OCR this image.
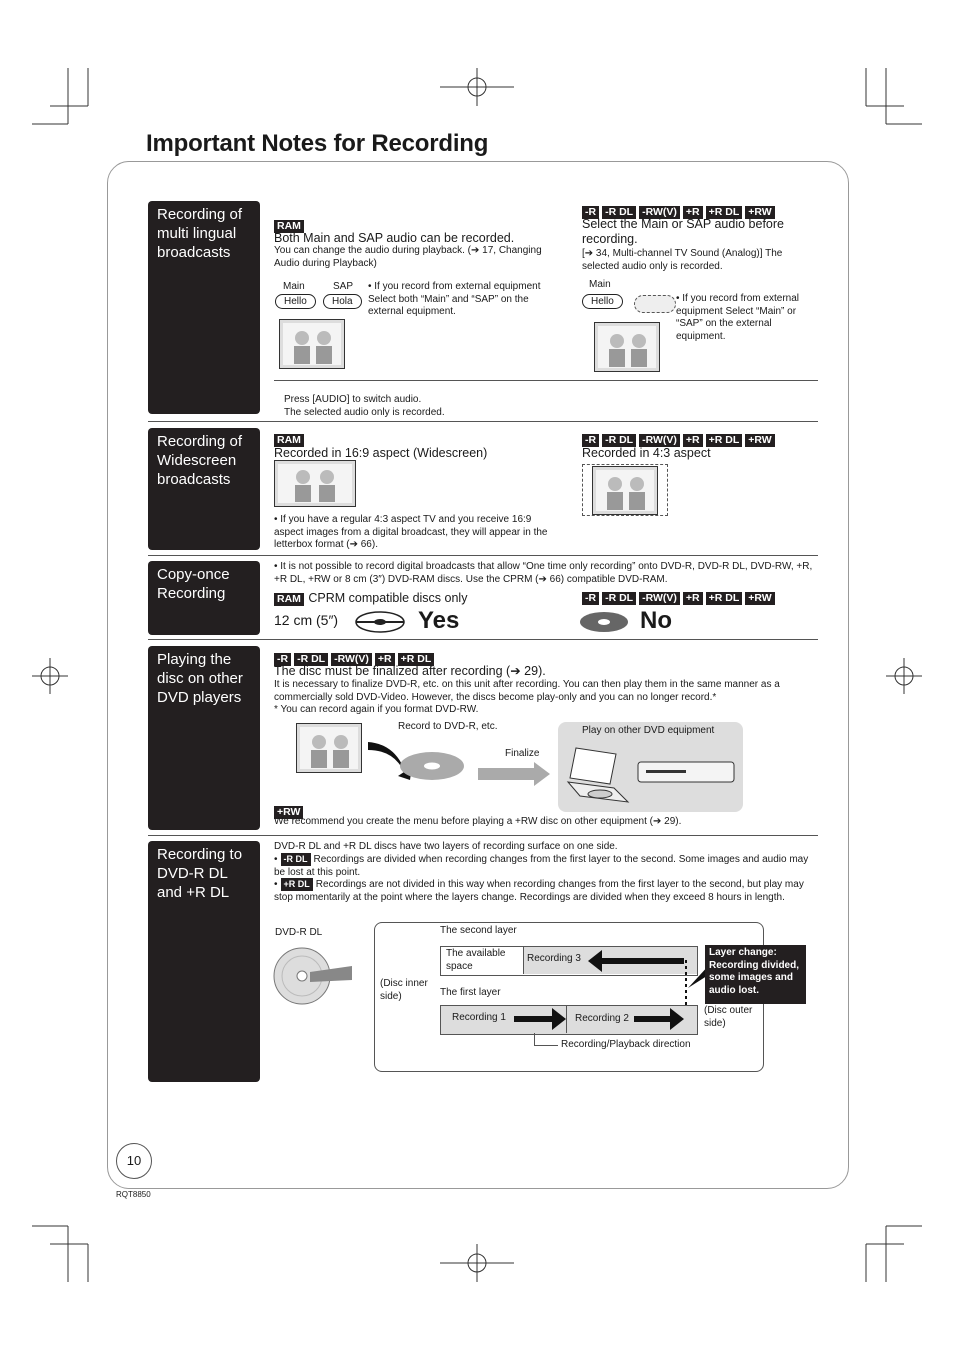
Important Notes for Recording
Recording of multi lingual broadcasts
Recording of Widescreen broadcasts
Copy-once Recording
Playing the disc on other DVD players
Recording to DVD-R DL and +R DL
RAM
Both Main and SAP audio can be recorded.
You can change the audio during playback. (➔ 17, Changing Audio during Playback)
Main	SAP
Hello	Hola
• If you record from external equipment Select both “Main” and “SAP” on the external equipment.
-R -R DL -RW(V) +R +R DL +RW
Select the Main or SAP audio before recording.
[➔ 34, Multi-channel TV Sound (Analog)] The selected audio only is recorded.
Main
Hello	• If you record from external equipment Select “Main” or “SAP” on the external equipment.
Press [AUDIO] to switch audio.
The selected audio only is recorded.
RAM
Recorded in 16:9 aspect (Widescreen)
• If you have a regular 4:3 aspect TV and you receive 16:9 aspect images from a digital broadcast, they will appear in the letterbox format (➔ 66).
-R -R DL -RW(V) +R +R DL +RW
Recorded in 4:3 aspect
• It is not possible to record digital broadcasts that allow “One time only recording” onto DVD-R, DVD-R DL, DVD-RW, +R, +R DL, +RW or 8 cm (3″) DVD-RAM discs. Use the CPRM (➔ 66) compatible DVD-RAM.
RAM CPRM compatible discs only	-R -R DL -RW(V) +R +R DL +RW
12 cm (5″)	Yes	No
-R -R DL -RW(V) +R +R DL
The disc must be finalized after recording (➔ 29).
It is necessary to finalize DVD-R, etc. on this unit after recording. You can then play them in the same manner as a commercially sold DVD-Video. However, the discs become play-only and you can no longer record.*
* You can record again if you format DVD-RW.
Record to DVD-R, etc.
Finalize
Play on other DVD equipment
+RW
We recommend you create the menu before playing a +RW disc on other equipment (➔ 29).
DVD-R DL and +R DL discs have two layers of recording surface on one side.
• -R DL Recordings are divided when recording changes from the first layer to the second. Some images and audio may be lost at this point.
• +R DL Recordings are not divided in this way when recording changes from the first layer to the second, but play may stop momentarily at the point where the layers change. Recordings are divided when they exceed 8 hours in length.
DVD-R DL	The second layer
The available space
Recording 3
(Disc inner side)	The first layer
Recording 1	Recording 2
(Disc outer side)
Recording/Playback direction
Layer change: Recording divided, some images and audio lost.
10
RQT8850
